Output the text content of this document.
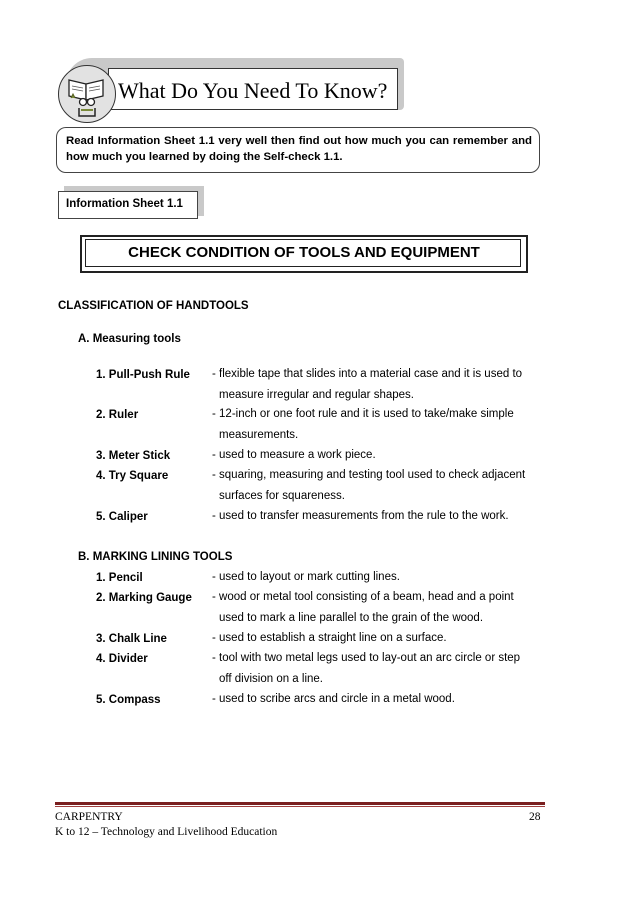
What Do You Need To Know?
Read Information Sheet 1.1 very well then find out how much you can remember and how much you learned by doing the Self-check 1.1.
Information Sheet 1.1
CHECK CONDITION OF TOOLS AND EQUIPMENT
CLASSIFICATION OF HANDTOOLS
A. Measuring tools
1. Pull-Push Rule - flexible tape that slides into a material case and it is used to
measure irregular and regular shapes.
2. Ruler	- 12-inch or one foot rule and it is used to take/make simple
measurements.
3. Meter Stick	- used to measure a work piece.
4. Try Square	- squaring, measuring and testing tool used to check adjacent
surfaces for squareness.
5. Caliper	- used to transfer measurements from the rule to the work.
B. MARKING LINING TOOLS
1. Pencil	- used to layout or mark cutting lines.
2. Marking Gauge - wood or metal tool consisting of a beam, head and a point
used to mark a line parallel to the grain of the wood.
3. Chalk Line	- used to establish a straight line on a surface.
4. Divider	- tool with two metal legs used to lay-out an arc circle or step
off division on a line.
5. Compass	- used to scribe arcs and circle in a metal wood.
CARPENTRY	28
K to 12 – Technology and Livelihood Education
